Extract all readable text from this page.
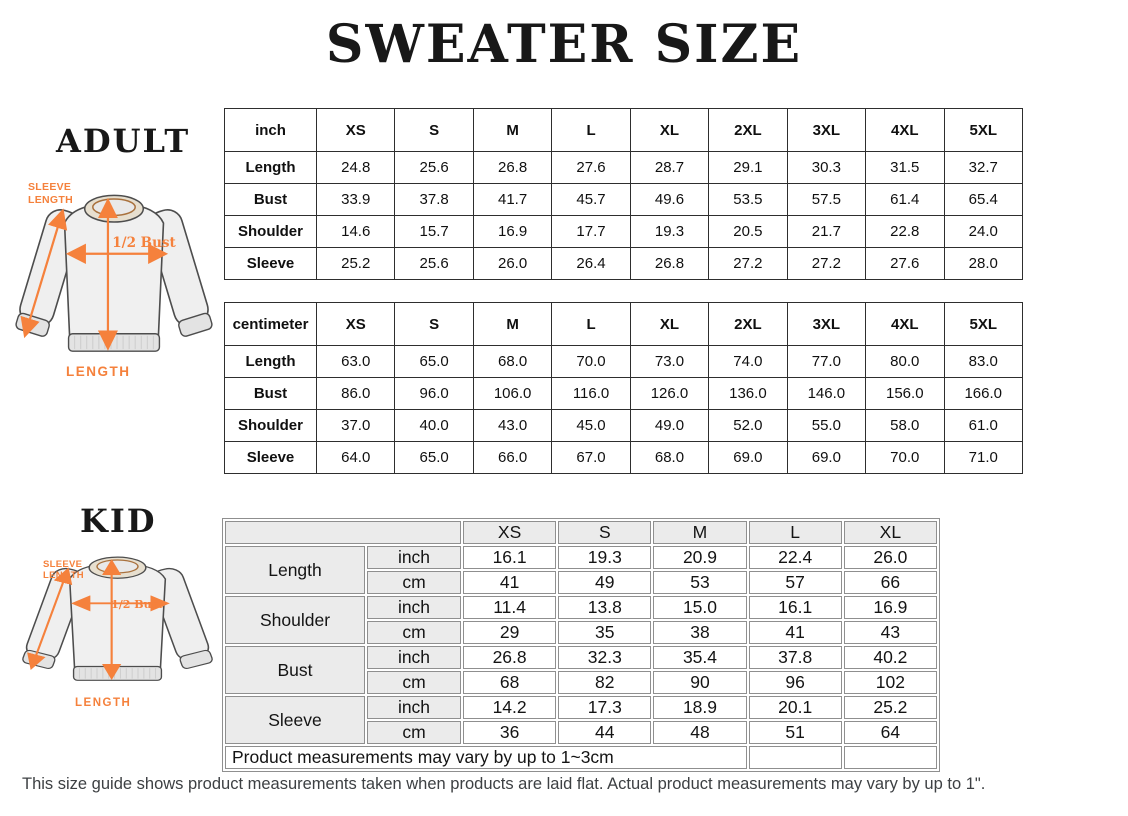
SWEATER SIZE
ADULT
SLEEVE
LENGTH
1/2 Bust
LENGTH
inch	XS	S	M	L	XL	2XL	3XL	4XL	5XL
Length	24.8	25.6	26.8	27.6	28.7	29.1	30.3	31.5	32.7
Bust	33.9	37.8	41.7	45.7	49.6	53.5	57.5	61.4	65.4
Shoulder	14.6	15.7	16.9	17.7	19.3	20.5	21.7	22.8	24.0
Sleeve	25.2	25.6	26.0	26.4	26.8	27.2	27.2	27.6	28.0
centimeter	XS	S	M	L	XL	2XL	3XL	4XL	5XL
Length	63.0	65.0	68.0	70.0	73.0	74.0	77.0	80.0	83.0
Bust	86.0	96.0	106.0	116.0	126.0	136.0	146.0	156.0	166.0
Shoulder	37.0	40.0	43.0	45.0	49.0	52.0	55.0	58.0	61.0
Sleeve	64.0	65.0	66.0	67.0	68.0	69.0	69.0	70.0	71.0
KID
SLEEVE
LENGTH
1/2 Bust
LENGTH
		XS	S	M	L	XL
Length	inch	16.1	19.3	20.9	22.4	26.0
	cm	41	49	53	57	66
Shoulder	inch	11.4	13.8	15.0	16.1	16.9
	cm	29	35	38	41	43
Bust	inch	26.8	32.3	35.4	37.8	40.2
	cm	68	82	90	96	102
Sleeve	inch	14.2	17.3	18.9	20.1	25.2
	cm	36	44	48	51	64
Product measurements may vary by up to 1~3cm						
This size guide shows product measurements taken when products are laid flat. Actual product measurements may vary by up to 1".
